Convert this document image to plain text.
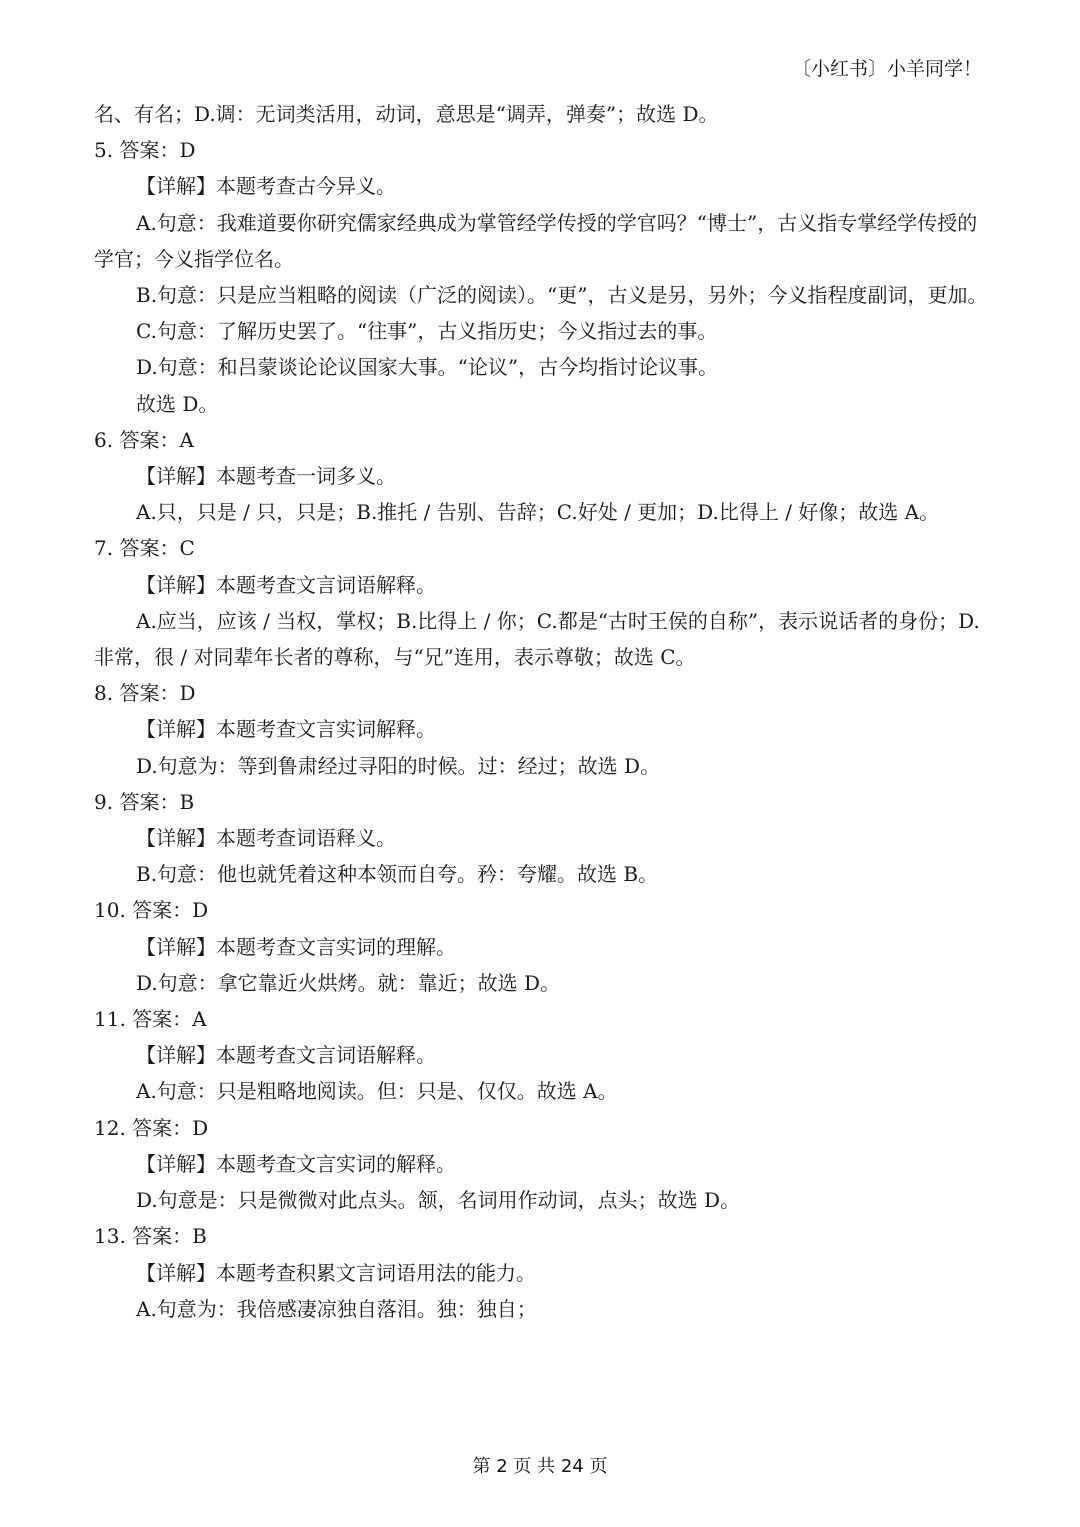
〔小红书〕小羊同学！

名、有名；D.调：无词类活用，动词，意思是“调弄，弹奏”；故选 D。

5. 答案：D

【详解】本题考查古今异义。

A.句意：我难道要你研究儒家经典成为掌管经学传授的学官吗？“博士”，古义指专掌经学传授的学官；今义指学位名。

B.句意：只是应当粗略的阅读（广泛的阅读）。“更”，古义是另，另外；今义指程度副词，更加。

C.句意：了解历史罢了。“往事”，古义指历史；今义指过去的事。

D.句意：和吕蒙谈论论议国家大事。“论议”，古今均指讨论议事。

故选 D。

6. 答案：A

【详解】本题考查一词多义。

A.只，只是 / 只，只是；B.推托 / 告别、告辞；C.好处 / 更加；D.比得上 / 好像；故选 A。

7. 答案：C

【详解】本题考查文言词语解释。

A.应当，应该 / 当权，掌权；B.比得上 / 你；C.都是“古时王侯的自称”，表示说话者的身份；D.非常，很 / 对同辈年长者的尊称，与“兄”连用，表示尊敬；故选 C。

8. 答案：D

【详解】本题考查文言实词解释。

D.句意为：等到鲁肃经过寻阳的时候。过：经过；故选 D。

9. 答案：B

【详解】本题考查词语释义。

B.句意：他也就凭着这种本领而自夸。矜：夸耀。故选 B。

10. 答案：D

【详解】本题考查文言实词的理解。

D.句意：拿它靠近火烘烤。就：靠近；故选 D。

11. 答案：A

【详解】本题考查文言词语解释。

A.句意：只是粗略地阅读。但：只是、仅仅。故选 A。

12. 答案：D

【详解】本题考查文言实词的解释。

D.句意是：只是微微对此点头。颔，名词用作动词，点头；故选 D。

13. 答案：B

【详解】本题考查积累文言词语用法的能力。

A.句意为：我倍感凄凉独自落泪。独：独自；

第 2 页 共 24 页
